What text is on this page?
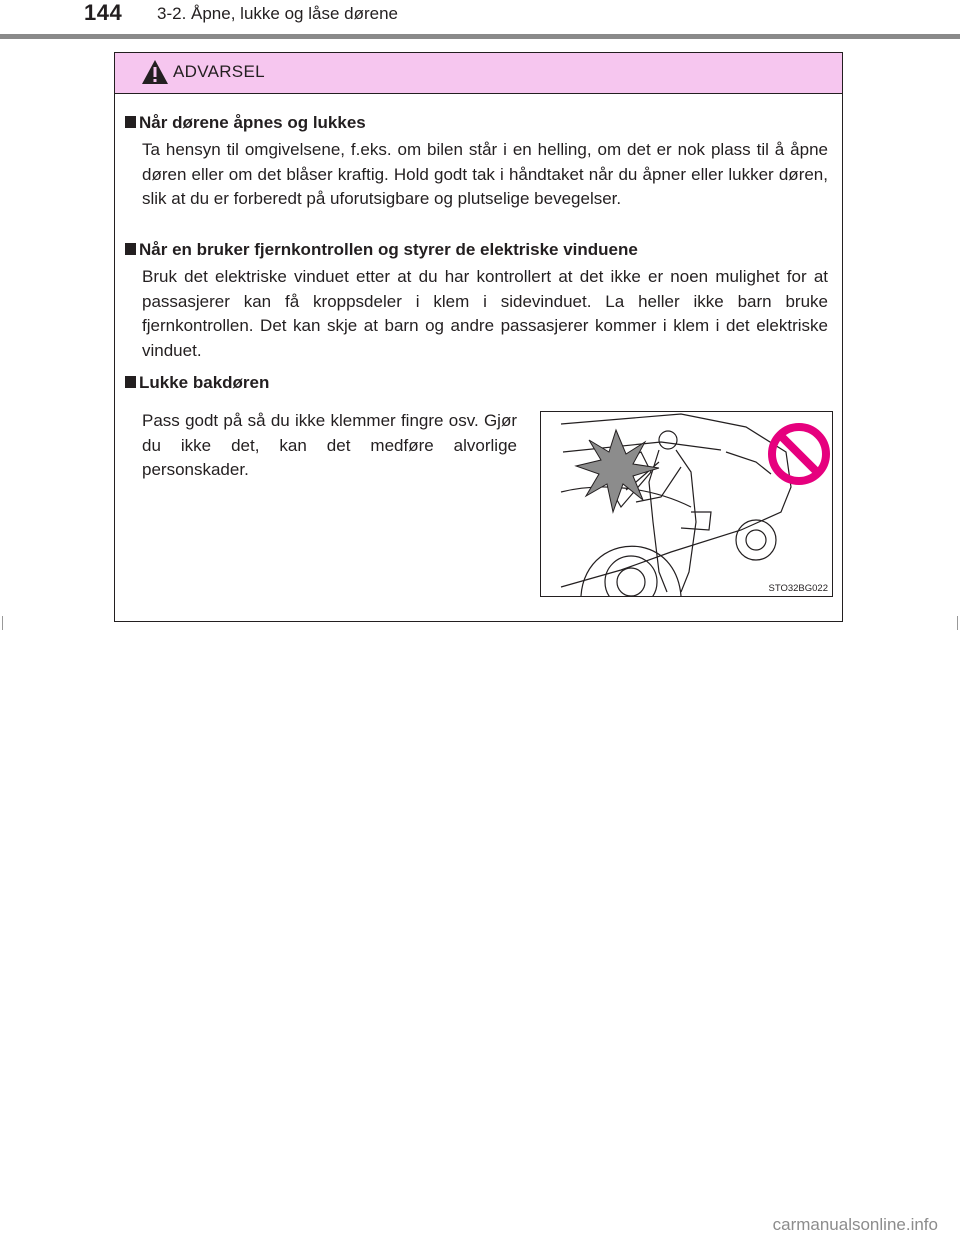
144 3-2. Åpne, lukke og låse dørene
ADVARSEL
Når dørene åpnes og lukkes
Ta hensyn til omgivelsene, f.eks. om bilen står i en helling, om det er nok plass til å åpne døren eller om det blåser kraftig. Hold godt tak i håndtaket når du åpner eller lukker døren, slik at du er forberedt på uforutsigbare og plutselige bevegelser.
Når en bruker fjernkontrollen og styrer de elektriske vinduene
Bruk det elektriske vinduet etter at du har kontrollert at det ikke er noen mulighet for at passasjerer kan få kroppsdeler i klem i sidevinduet. La heller ikke barn bruke fjernkontrollen. Det kan skje at barn og andre passasjerer kommer i klem i det elektriske vinduet.
Lukke bakdøren
Pass godt på så du ikke klemmer fingre osv. Gjør du ikke det, kan det medføre alvorlige personskader.
STO32BG022
carmanualsonline.info
